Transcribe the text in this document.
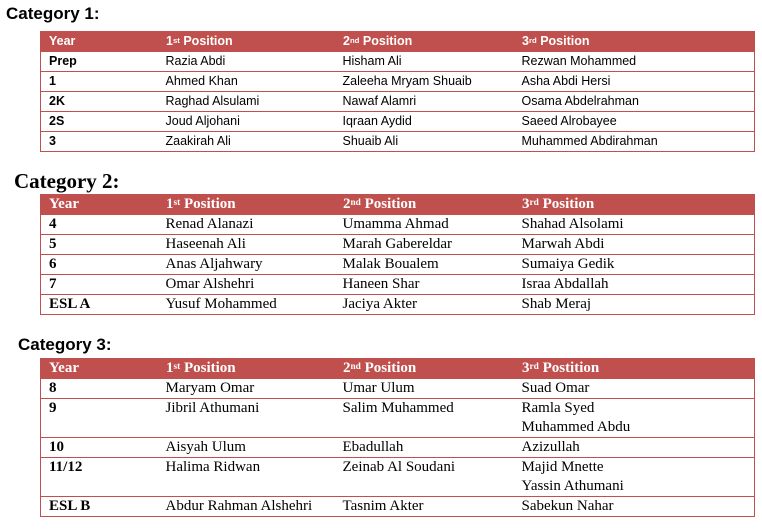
Category 1:
Year	1st Position	2nd Position	3rd Position
Prep	Razia Abdi	Hisham Ali	Rezwan Mohammed
1	Ahmed Khan	Zaleeha Mryam Shuaib	Asha Abdi Hersi
2K	Raghad Alsulami	Nawaf Alamri	Osama Abdelrahman
2S	Joud Aljohani	Iqraan Aydid	Saeed Alrobayee
3	Zaakirah Ali	Shuaib Ali	Muhammed Abdirahman
Category 2:
Year	1st Position	2nd Position	3rd Position
4	Renad Alanazi	Umamma Ahmad	Shahad Alsolami
5	Haseenah Ali	Marah Gabereldar	Marwah Abdi
6	Anas Aljahwary	Malak Boualem	Sumaiya Gedik
7	Omar Alshehri	Haneen Shar	Israa Abdallah
ESL A	Yusuf Mohammed	Jaciya Akter	Shab Meraj
Category 3:
Year	1st Position	2nd Position	3rd Postition
8	Maryam Omar	Umar Ulum	Suad Omar

9	Jibril Athumani	Salim Muhammed	Ramla Syed
Muhammed Abdu

10	Aisyah Ulum	Ebadullah	Azizullah

11/12	Halima Ridwan	Zeinab Al Soudani	Majid Mnette
Yassin Athumani

ESL B	Abdur Rahman Alshehri	Tasnim Akter	Sabekun Nahar
